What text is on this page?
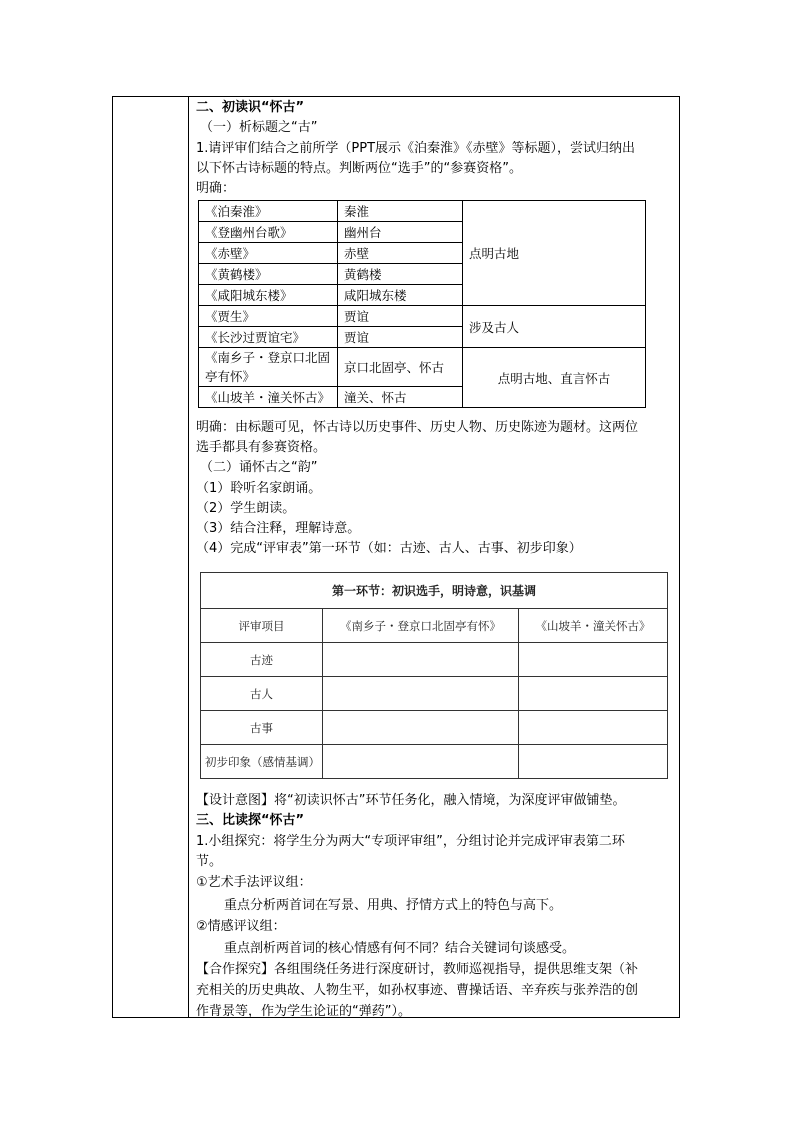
二、初读识“怀古”
（一）析标题之“古”
1.请评审们结合之前所学（PPT展示《泊秦淮》《赤壁》等标题），尝试归纳出
以下怀古诗标题的特点。判断两位“选手”的“参赛资格”。
明确：
明确：由标题可见，怀古诗以历史事件、历史人物、历史陈迹为题材。这两位
选手都具有参赛资格。
（二）诵怀古之“韵”
（1）聆听名家朗诵。
（2）学生朗读。
（3）结合注释，理解诗意。
（4）完成“评审表”第一环节（如：古迹、古人、古事、初步印象）
【设计意图】将“初读识怀古”环节任务化，融入情境，为深度评审做铺垫。
三、比读探“怀古”
1.小组探究：将学生分为两大“专项评审组”，分组讨论并完成评审表第二环
节。
①艺术手法评议组：
重点分析两首词在写景、用典、抒情方式上的特色与高下。
②情感评议组：
重点剖析两首词的核心情感有何不同？结合关键词句谈感受。
【合作探究】各组围绕任务进行深度研讨，教师巡视指导，提供思维支架（补
充相关的历史典故、人物生平，如孙权事迹、曹操话语、辛弃疾与张养浩的创
作背景等，作为学生论证的“弹药”）。
《泊秦淮》	秦淮	点明古地
《登幽州台歌》	幽州台	
《赤壁》	赤壁	
《黄鹤楼》	黄鹤楼	
《咸阳城东楼》	咸阳城东楼	
《贾生》	贾谊	涉及古人
《长沙过贾谊宅》	贾谊	
《南乡子・登京口北固亭有怀》	京口北固亭、怀古	点明古地、直言怀古
《山坡羊・潼关怀古》	潼关、怀古	
第一环节：初识选手，明诗意，识基调		
评审项目	《南乡子・登京口北固亭有怀》	《山坡羊・潼关怀古》
古迹		
古人		
古事		
初步印象（感情基调）		
